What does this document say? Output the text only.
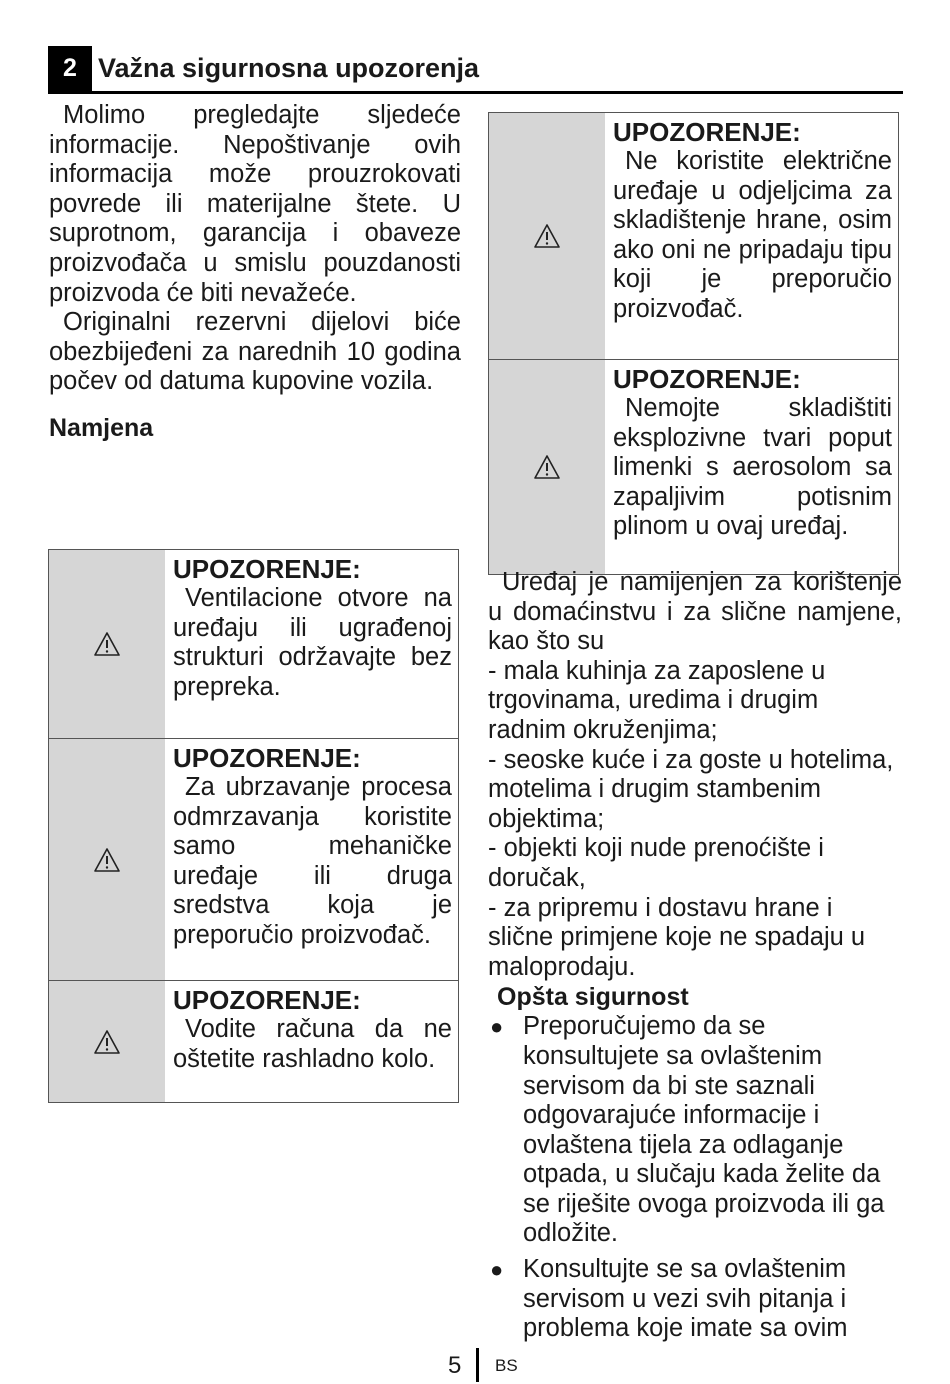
2 Važna sigurnosna upozorenja

Molimo pregledajte sljedeće informacije. Nepoštivanje ovih informacija može prouzrokovati povrede ili materijalne štete. U suprotnom, garancija i obaveze proizvođača u smislu pouzdanosti proizvoda će biti nevažeće.

Originalni rezervni dijelovi biće obezbijeđeni za narednih 10 godina počev od datuma kupovine vozila.

Namjena

UPOZORENJE:

Ventilacione otvore na uređaju ili ugrađenoj strukturi održavajte bez prepreka.

UPOZORENJE:

Za ubrzavanje procesa odmrzavanja koristite samo mehaničke uređaje ili druga sredstva koja je preporučio proizvođač.

UPOZORENJE:

Vodite računa da ne oštetite rashladno kolo.

UPOZORENJE:

Ne koristite električne uređaje u odjeljcima za skladištenje hrane, osim ako oni ne pripadaju tipu koji je preporučio proizvođač.

UPOZORENJE:

Nemojte skladištiti eksplozivne tvari poput limenki s aerosolom sa zapaljivim potisnim plinom u ovaj uređaj.

Uređaj je namijenjen za korištenje u domaćinstvu i za slične namjene, kao što su

- mala kuhinja za zaposlene u trgovinama, uredima i drugim radnim okruženjima;

- seoske kuće i za goste u hotelima, motelima i drugim stambenim objektima;

- objekti koji nude prenoćište i doručak,

- za pripremu i dostavu hrane i slične primjene koje ne spadaju u maloprodaju.

Opšta sigurnost

● Preporučujemo da se konsultujete sa ovlaštenim servisom da bi ste saznali odgovarajuće informacije i ovlaštena tijela za odlaganje otpada, u slučaju kada želite da se riješite ovoga proizvoda ili ga odložite.
● Konsultujte se sa ovlaštenim servisom u vezi svih pitanja i problema koje imate sa ovim
5 BS
